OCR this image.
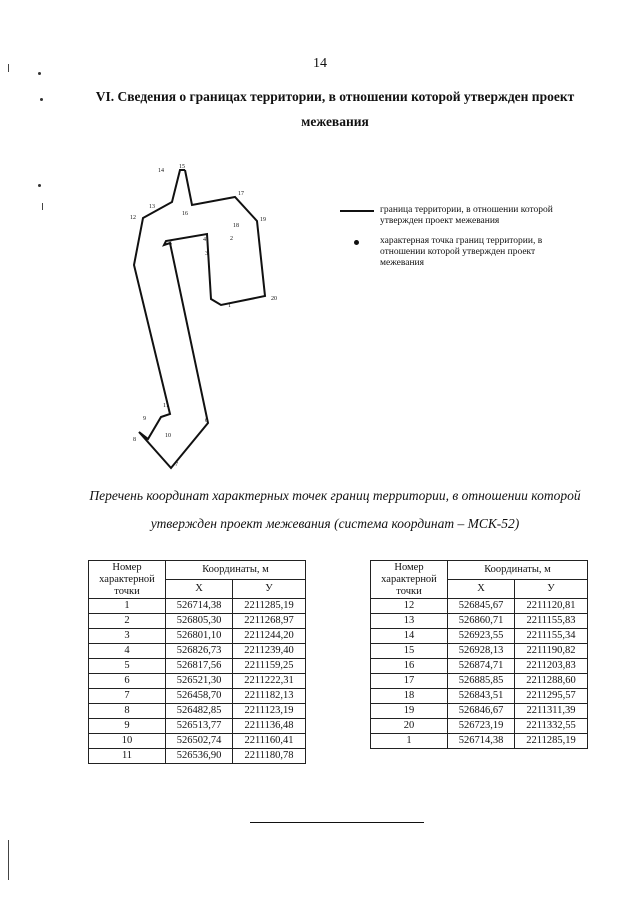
14
VI. Сведения о границах территории, в отношении которой утвержден проект
межевания
14
15
17
13
16
12
18
19
4	2
5
3
1
20
11
9	6
10
8
7
граница территории, в отношении которой утвержден проект межевания
характерная точка границ территории, в отношении которой утвержден проект межевания
Перечень координат характерных точек границ территории, в отношении которой
утвержден проект межевания (система координат – МСК-52)
Номер характерной точки	Координаты, м	
	X	У
1	526714,38	2211285,19
2	526805,30	2211268,97
3	526801,10	2211244,20
4	526826,73	2211239,40
5	526817,56	2211159,25
6	526521,30	2211222,31
7	526458,70	2211182,13
8	526482,85	2211123,19
9	526513,77	2211136,48
10	526502,74	2211160,41
11	526536,90	2211180,78
Номер характерной точки	Координаты, м	
	X	У
12	526845,67	2211120,81
13	526860,71	2211155,83
14	526923,55	2211155,34
15	526928,13	2211190,82
16	526874,71	2211203,83
17	526885,85	2211288,60
18	526843,51	2211295,57
19	526846,67	2211311,39
20	526723,19	2211332,55
1	526714,38	2211285,19
